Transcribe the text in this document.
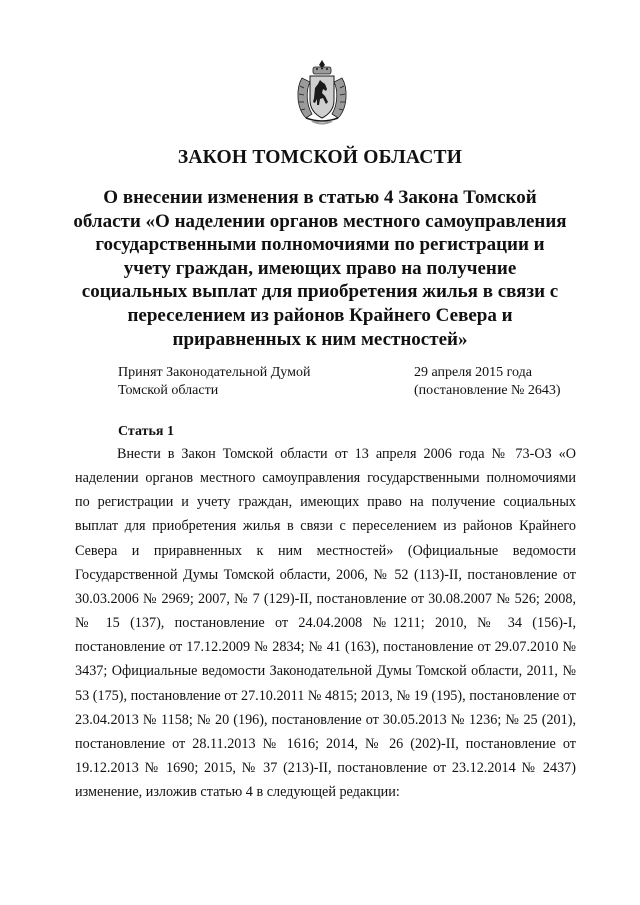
ЗАКОН ТОМСКОЙ ОБЛАСТИ
О внесении изменения в статью 4 Закона Томской области «О наделении органов местного самоуправления государственными полномочиями по регистрации и учету граждан, имеющих право на получение социальных выплат для приобретения жилья в связи с переселением из районов Крайнего Севера и приравненных к ним местностей»
Принят Законодательной Думой
Томской области
29 апреля 2015 года
(постановление № 2643)
Статья 1

Внести в Закон Томской области от 13 апреля 2006 года № 73-ОЗ «О наделении органов местного самоуправления государственными полномочиями по регистрации и учету граждан, имеющих право на получение социальных выплат для приобретения жилья в связи с переселением из районов Крайнего Севера и приравненных к ним местностей» (Официальные ведомости Государственной Думы Томской области, 2006, № 52 (113)-II, постановление от 30.03.2006 № 2969; 2007, № 7 (129)-II, постановление от 30.08.2007 № 526; 2008, № 15 (137), постановление от 24.04.2008 №1211; 2010, № 34 (156)-I, постановление от 17.12.2009 № 2834; № 41 (163), постановление от 29.07.2010 № 3437; Официальные ведомости Законодательной Думы Томской области, 2011, № 53 (175), постановление от 27.10.2011 № 4815; 2013, № 19 (195), постановление от 23.04.2013 № 1158; № 20 (196), постановление от 30.05.2013 № 1236; № 25 (201), постановление от 28.11.2013 № 1616; 2014, № 26 (202)-II, постановление от 19.12.2013 № 1690; 2015, № 37 (213)-II, постановление от 23.12.2014 № 2437) изменение, изложив статью 4 в следующей редакции:
